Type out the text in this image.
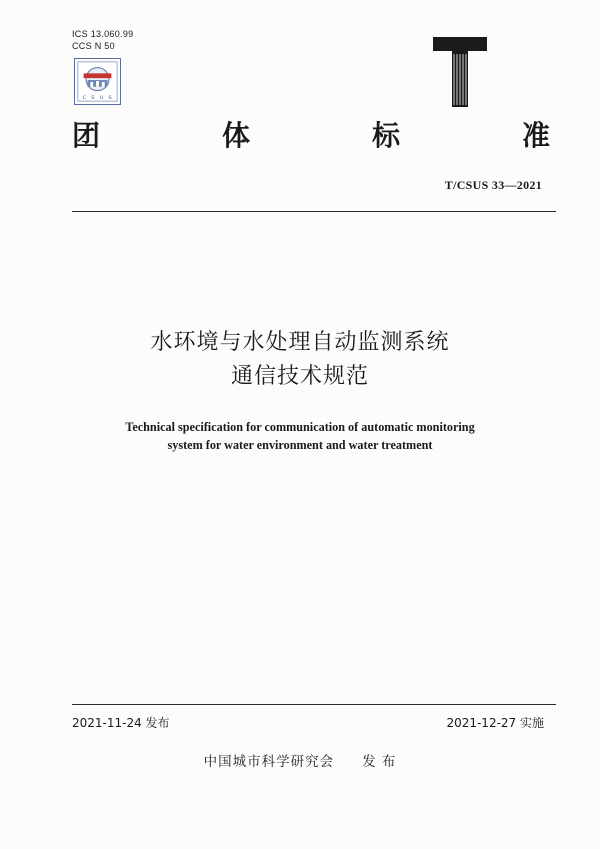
ICS 13.060.99
CCS N 50
C S U S
团	体	标	准
T/CSUS 33—2021
水环境与水处理自动监测系统
通信技术规范
Technical specification for communication of automatic monitoring
system for water environment and water treatment
2021-11-24 发布	2021-12-27 实施
中国城市科学研究会 发 布
